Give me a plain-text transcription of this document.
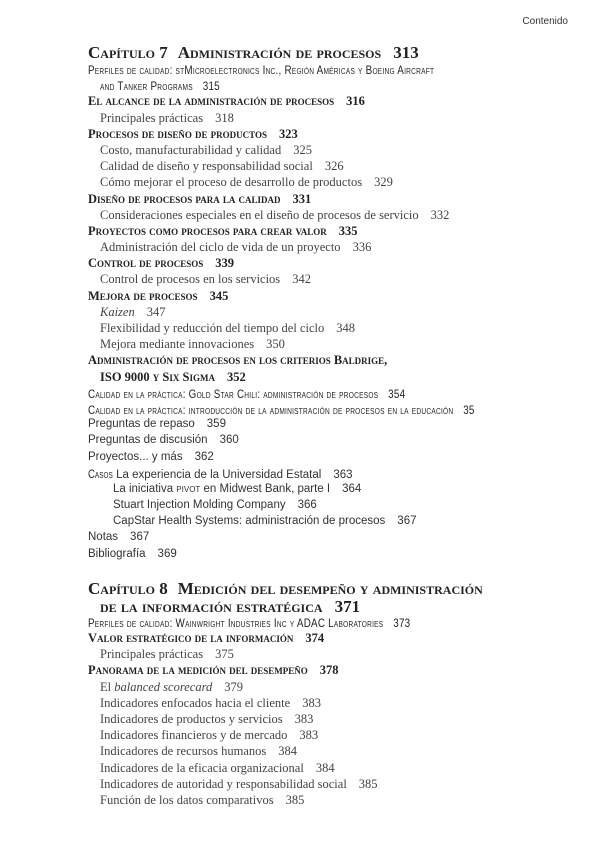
Contenido
Capítulo 7 Administración de procesos 313
Perfiles de calidad: stMicroelectronics Inc., Región Américas y Boeing Aircraft
and Tanker Programs 315
El alcance de la administración de procesos 316
Principales prácticas 318
Procesos de diseño de productos 323
Costo, manufacturabilidad y calidad 325
Calidad de diseño y responsabilidad social 326
Cómo mejorar el proceso de desarrollo de productos 329
Diseño de procesos para la calidad 331
Consideraciones especiales en el diseño de procesos de servicio 332
Proyectos como procesos para crear valor 335
Administración del ciclo de vida de un proyecto 336
Control de procesos 339
Control de procesos en los servicios 342
Mejora de procesos 345
Kaizen 347
Flexibilidad y reducción del tiempo del ciclo 348
Mejora mediante innovaciones 350
Administración de procesos en los criterios Baldrige,
ISO 9000 y Six Sigma 352
Calidad en la práctica: Gold Star Chili: administración de procesos 354
Calidad en la práctica: introducción de la administración de procesos en la educación 35
Preguntas de repaso 359
Preguntas de discusión 360
Proyectos... y más 362
Casos La experiencia de la Universidad Estatal 363
La iniciativa pivot en Midwest Bank, parte I 364
Stuart Injection Molding Company 366
CapStar Health Systems: administración de procesos 367
Notas 367
Bibliografía 369
Capítulo 8 Medición del desempeño y administración
de la información estratégica 371
Perfiles de calidad: Wainwright Industries Inc y ADAC Laboratories 373
Valor estratégico de la información 374
Principales prácticas 375
Panorama de la medición del desempeño 378
El balanced scorecard 379
Indicadores enfocados hacia el cliente 383
Indicadores de productos y servicios 383
Indicadores financieros y de mercado 383
Indicadores de recursos humanos 384
Indicadores de la eficacia organizacional 384
Indicadores de autoridad y responsabilidad social 385
Función de los datos comparativos 385
